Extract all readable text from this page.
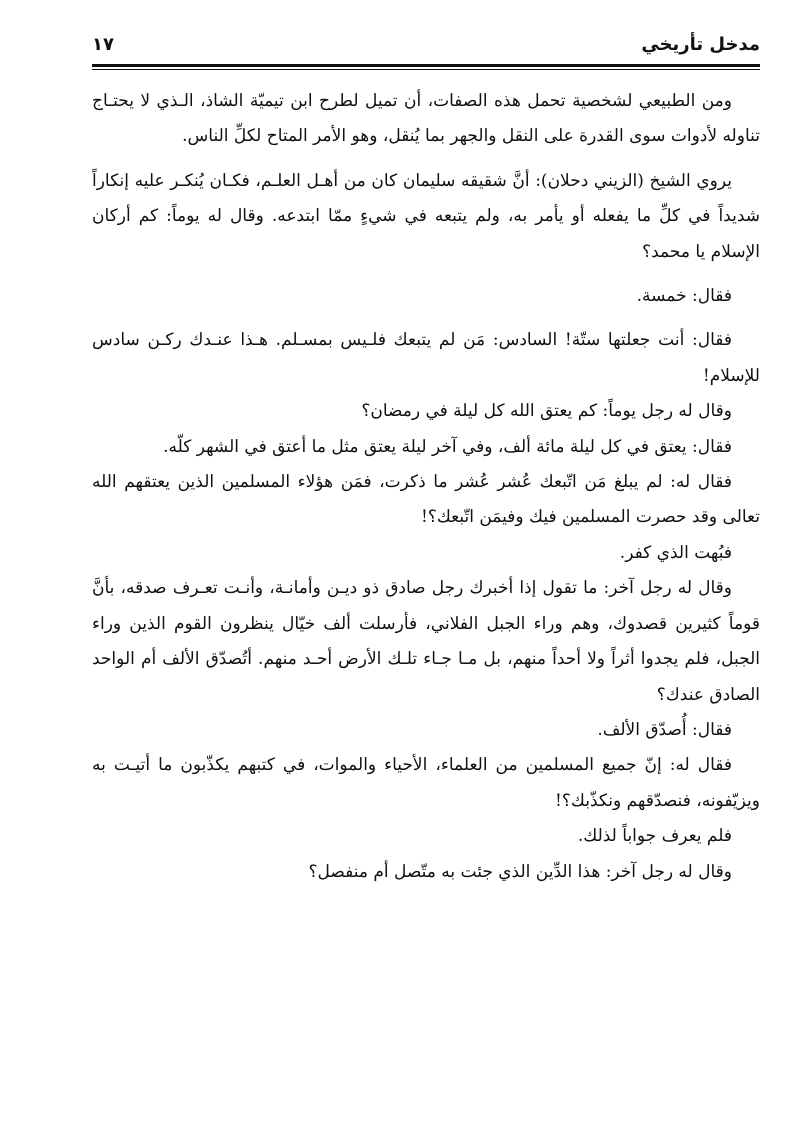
مدخل تأريخي
١٧

ومن الطبيعي لشخصية تحمل هذه الصفات، أن تميل لطرح ابن تيميّة الشاذ، الـذي لا يحتـاج تناوله لأدوات سوى القدرة على النقل والجهر بما يُنقل، وهو الأمر المتاح لكلِّ الناس.

يروي الشيخ (الزيني دحلان): أنَّ شقيقه سليمان كان من أهـل العلـم، فكـان يُنكـر عليه إنكاراً شديداً في كلِّ ما يفعله أو يأمر به، ولم يتبعه في شيءٍ ممّا ابتدعه. وقال له يوماً: كم أركان الإسلام يا محمد؟

فقال: خمسة.

فقال: أنت جعلتها ستّة! السادس: مَن لم يتبعك فلـيس بمسـلم. هـذا عنـدك ركـن سادس للإسلام!

وقال له رجل يوماً: كم يعتق الله كل ليلة في رمضان؟

فقال: يعتق في كل ليلة مائة ألف، وفي آخر ليلة يعتق مثل ما أعتق في الشهر كلّه.

فقال له: لم يبلغ مَن اتّبعك عُشر عُشر ما ذكرت، فمَن هؤلاء المسلمين الذين يعتقهم الله تعالى وقد حصرت المسلمين فيك وفيمَن اتّبعك؟!

فبُهت الذي كفر.

وقال له رجل آخر: ما تقول إذا أخبرك رجل صادق ذو ديـن وأمانـة، وأنـت تعـرف صدقه، بأنَّ قوماً كثيرين قصدوك، وهم وراء الجبل الفلاني، فأرسلت ألف خيّال ينظرون القوم الذين وراء الجبل، فلم يجدوا أثراً ولا أحداً منهم، بل مـا جـاء تلـك الأرض أحـد منهم. أتُصدّق الألف أم الواحد الصادق عندك؟

فقال: أُصدّق الألف.

فقال له: إنّ جميع المسلمين من العلماء، الأحياء والموات، في كتبهم يكذّبون ما أتيـت به ويزيّفونه، فنصدّقهم ونكذّبك؟!

فلم يعرف جواباً لذلك.

وقال له رجل آخر: هذا الدِّين الذي جئت به متّصل أم منفصل؟
